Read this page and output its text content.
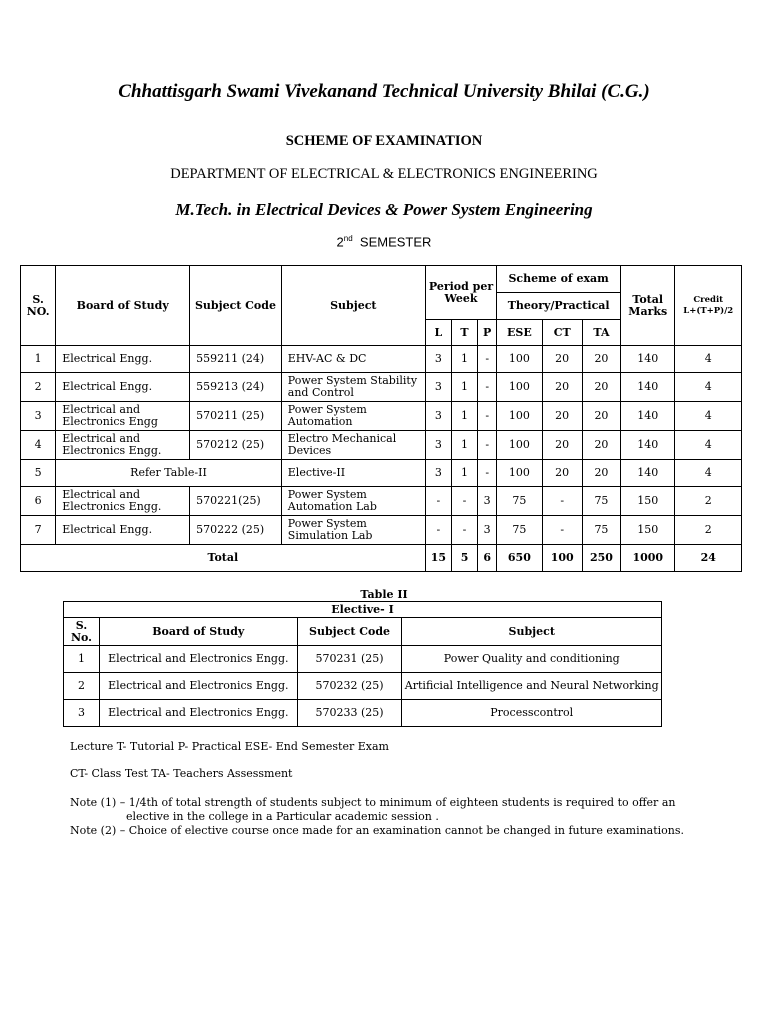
Chhattisgarh Swami Vivekanand Technical University Bhilai (C.G.)
SCHEME OF EXAMINATION
DEPARTMENT OF ELECTRICAL & ELECTRONICS ENGINEERING
M.Tech. in Electrical Devices & Power System Engineering
2nd SEMESTER
S. NO.	Board of Study	Subject Code	Subject	Period per Week			Scheme of exam			Total Marks	Credit
L+(T+P)/2
							Theory/Practical				
				L	T	P	ESE	CT	TA		
1	Electrical Engg.	559211 (24)	EHV-AC & DC	3	1	-	100	20	20	140	4
2	Electrical Engg.	559213 (24)	Power System Stability and Control	3	1	-	100	20	20	140	4
3	Electrical and Electronics Engg	570211 (25)	Power System Automation	3	1	-	100	20	20	140	4
4	Electrical and Electronics Engg.	570212 (25)	Electro Mechanical Devices	3	1	-	100	20	20	140	4
5	Refer Table-II		Elective-II	3	1	-	100	20	20	140	4
6	Electrical and Electronics Engg.	570221(25)	Power System Automation Lab	-	-	3	75	-	75	150	2
7	Electrical Engg.	570222 (25)	Power System Simulation Lab	-	-	3	75	-	75	150	2
Total				15	5	6	650	100	250	1000	24
Table II
Elective- I			
S. No.	Board of Study	Subject Code	Subject
1	Electrical and Electronics Engg.	570231 (25)	Power Quality and conditioning
2	Electrical and Electronics Engg.	570232 (25)	Artificial Intelligence and Neural Networking
3	Electrical and Electronics Engg.	570233 (25)	Processcontrol

Lecture T- Tutorial P- Practical ESE- End Semester Exam

CT- Class Test TA- Teachers Assessment

Note (1) – 1/4th of total strength of students subject to minimum of eighteen students is required to offer an

elective in the college in a Particular academic session .

Note (2) – Choice of elective course once made for an examination cannot be changed in future examinations.
